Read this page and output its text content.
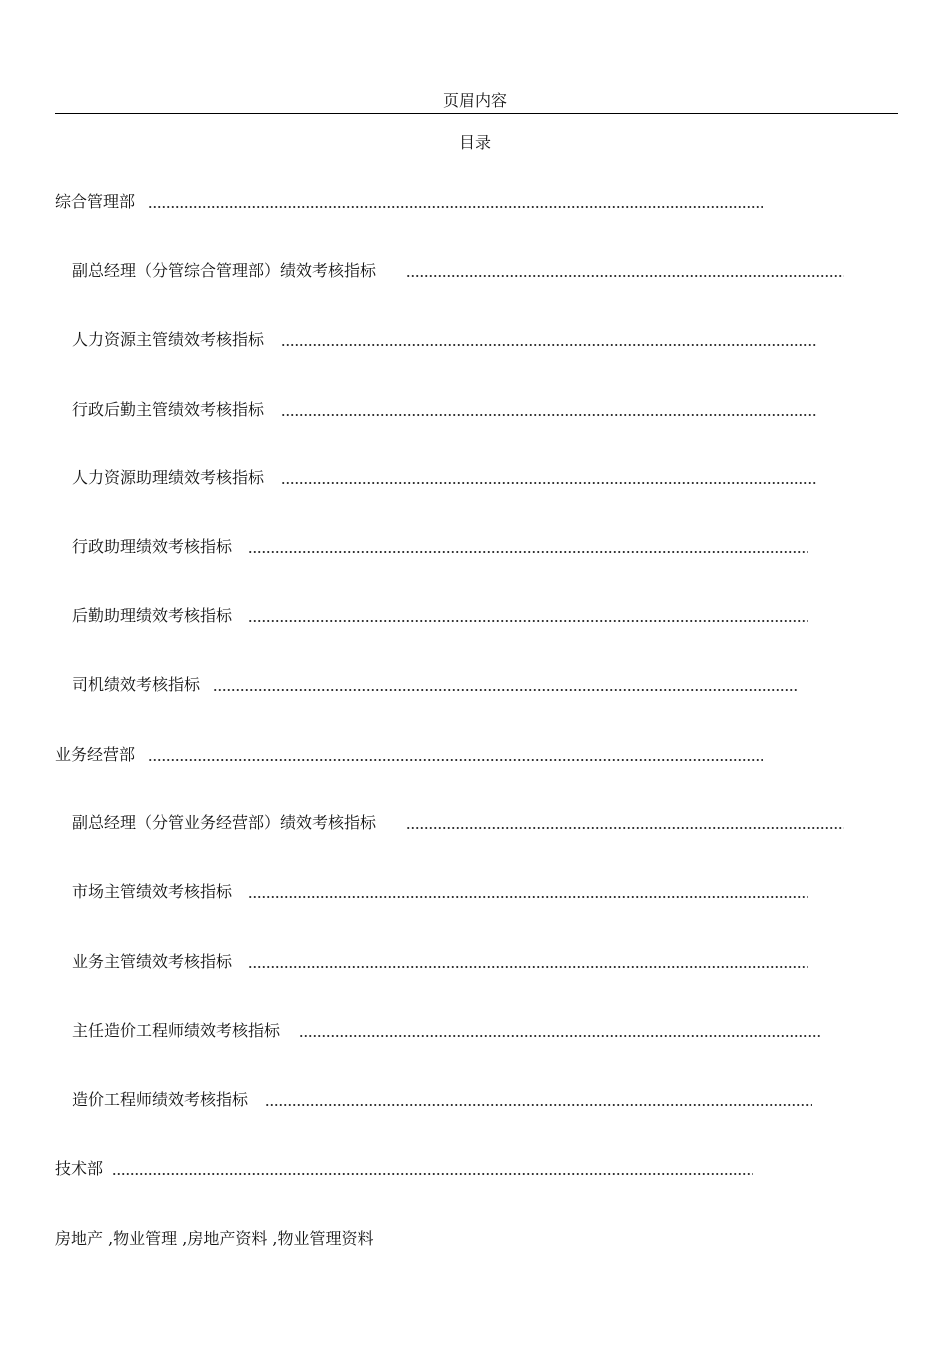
页眉内容
目录
综合管理部
副总经理（分管综合管理部）绩效考核指标
人力资源主管绩效考核指标
行政后勤主管绩效考核指标
人力资源助理绩效考核指标
行政助理绩效考核指标
后勤助理绩效考核指标
司机绩效考核指标
业务经营部
副总经理（分管业务经营部）绩效考核指标
市场主管绩效考核指标
业务主管绩效考核指标
主任造价工程师绩效考核指标
造价工程师绩效考核指标
技术部
房地产 ,物业管理 ,房地产资料 ,物业管理资料
